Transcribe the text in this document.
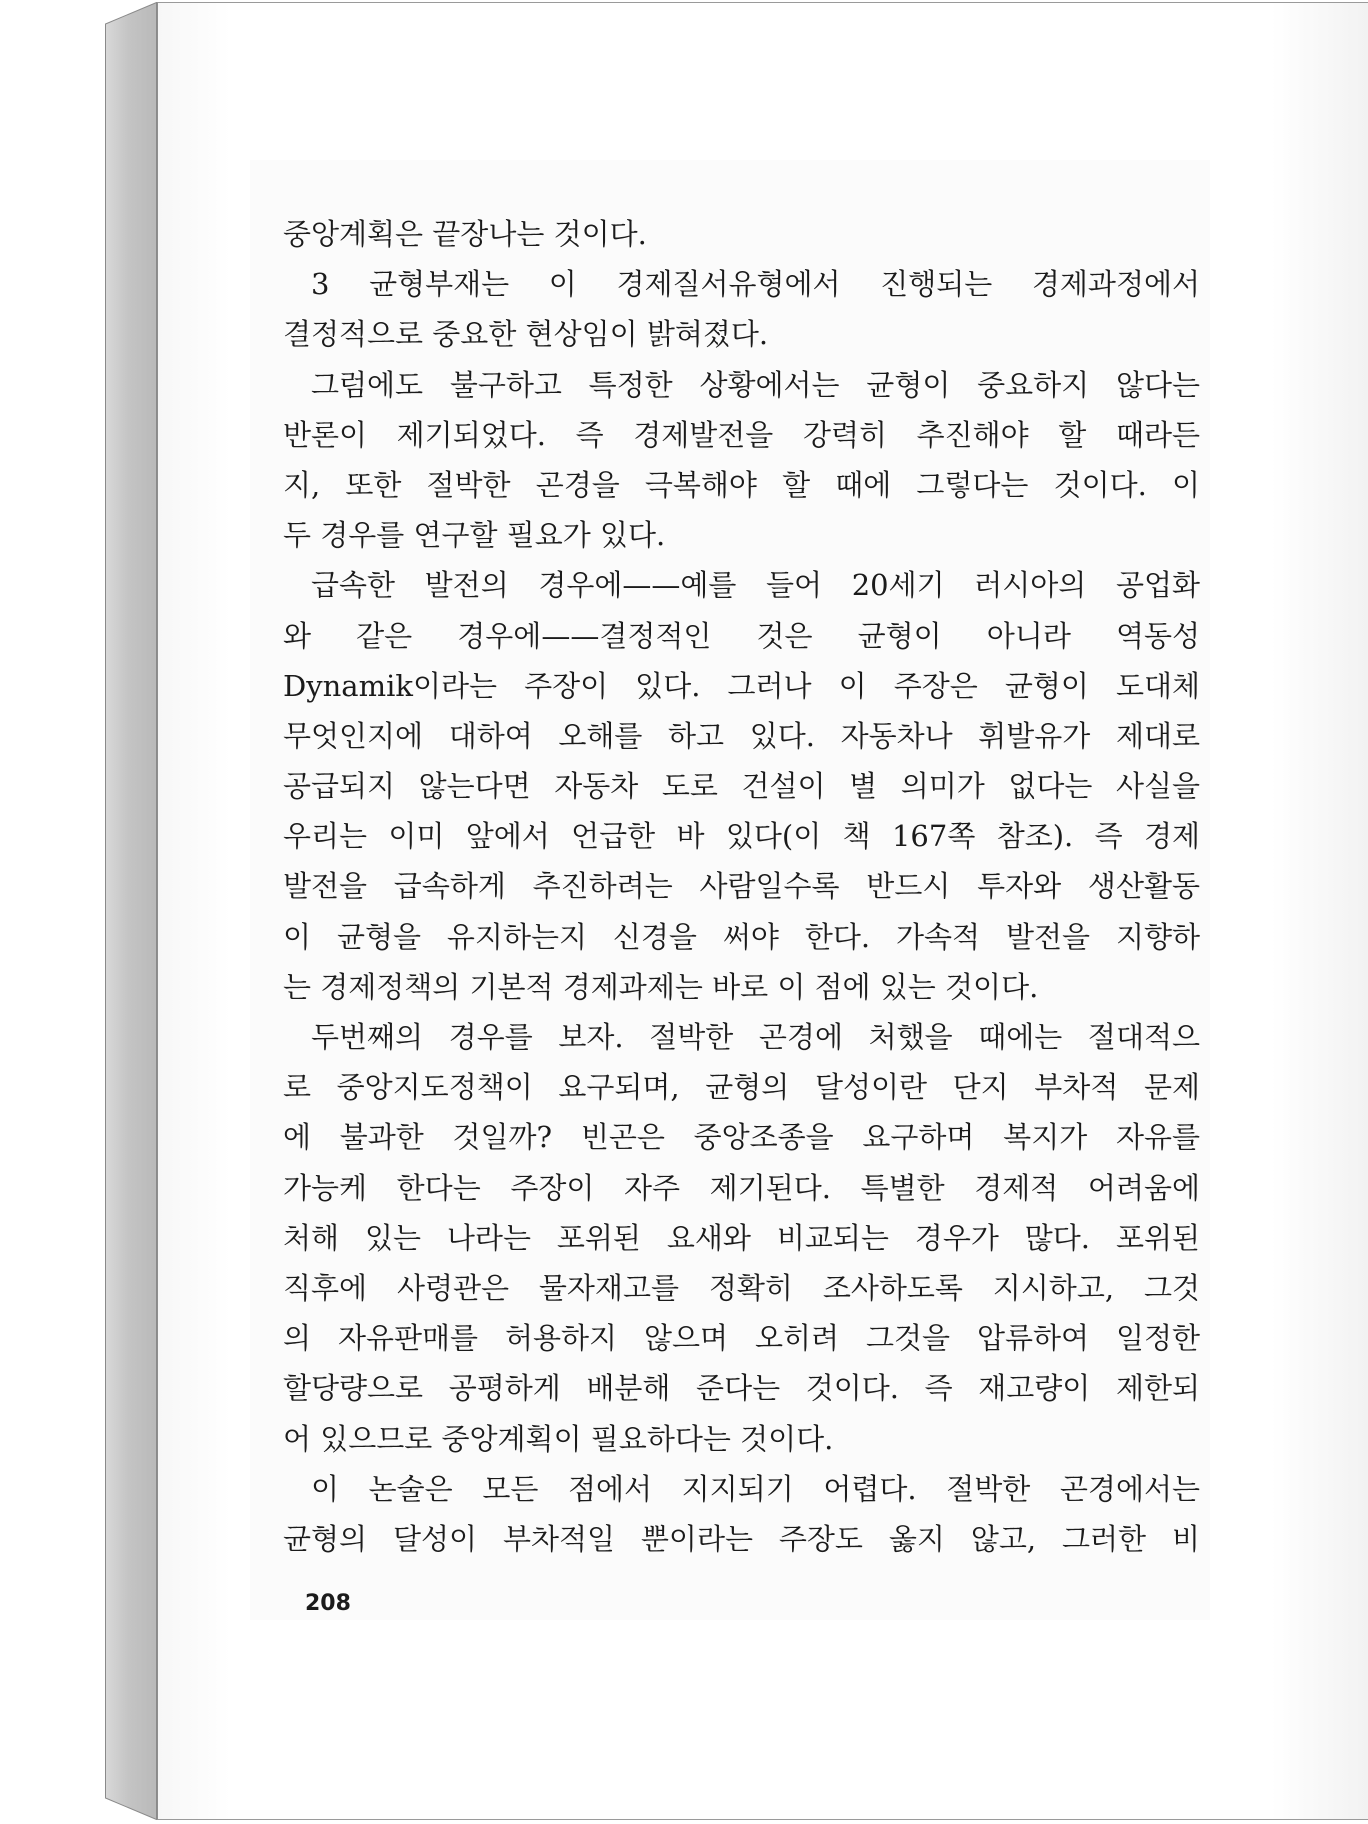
중앙계획은 끝장나는 것이다.
3 균형부재는 이 경제질서유형에서 진행되는 경제과정에서
결정적으로 중요한 현상임이 밝혀졌다.
그럼에도 불구하고 특정한 상황에서는 균형이 중요하지 않다는
반론이 제기되었다. 즉 경제발전을 강력히 추진해야 할 때라든
지, 또한 절박한 곤경을 극복해야 할 때에 그렇다는 것이다. 이
두 경우를 연구할 필요가 있다.
급속한 발전의 경우에——예를 들어 20세기 러시아의 공업화
와 같은 경우에——결정적인 것은 균형이 아니라 역동성
Dynamik이라는 주장이 있다. 그러나 이 주장은 균형이 도대체
무엇인지에 대하여 오해를 하고 있다. 자동차나 휘발유가 제대로
공급되지 않는다면 자동차 도로 건설이 별 의미가 없다는 사실을
우리는 이미 앞에서 언급한 바 있다(이 책 167쪽 참조). 즉 경제
발전을 급속하게 추진하려는 사람일수록 반드시 투자와 생산활동
이 균형을 유지하는지 신경을 써야 한다. 가속적 발전을 지향하
는 경제정책의 기본적 경제과제는 바로 이 점에 있는 것이다.
두번째의 경우를 보자. 절박한 곤경에 처했을 때에는 절대적으
로 중앙지도정책이 요구되며, 균형의 달성이란 단지 부차적 문제
에 불과한 것일까? 빈곤은 중앙조종을 요구하며 복지가 자유를
가능케 한다는 주장이 자주 제기된다. 특별한 경제적 어려움에
처해 있는 나라는 포위된 요새와 비교되는 경우가 많다. 포위된
직후에 사령관은 물자재고를 정확히 조사하도록 지시하고, 그것
의 자유판매를 허용하지 않으며 오히려 그것을 압류하여 일정한
할당량으로 공평하게 배분해 준다는 것이다. 즉 재고량이 제한되
어 있으므로 중앙계획이 필요하다는 것이다.
이 논술은 모든 점에서 지지되기 어렵다. 절박한 곤경에서는
균형의 달성이 부차적일 뿐이라는 주장도 옳지 않고, 그러한 비
208
